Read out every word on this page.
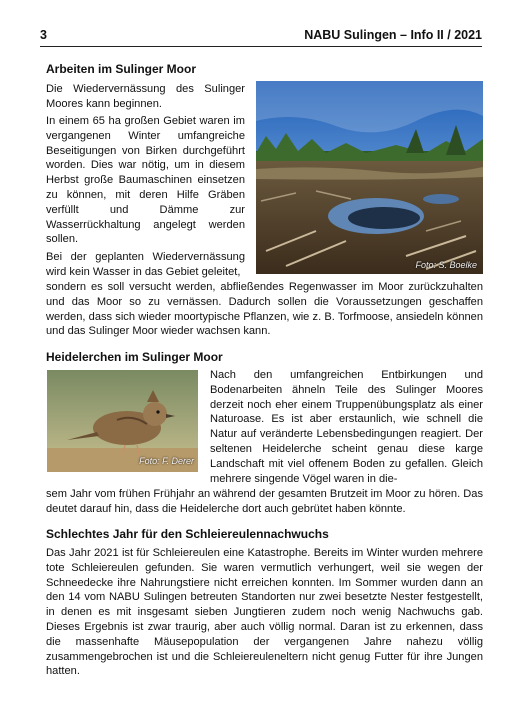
3	NABU Sulingen – Info II / 2021
Arbeiten im Sulinger Moor

Die Wiedervernässung des Sulinger Moores kann beginnen.

In einem 65 ha großen Gebiet waren im vergangenen Winter umfangreiche Beseitigungen von Birken durchgeführt worden. Dies war nötig, um in diesem Herbst große Baumaschinen einsetzen zu können, mit deren Hilfe Gräben verfüllt und Dämme zur Wasserrückhaltung angelegt werden sollen.

Bei der geplanten Wiedervernässung wird kein Wasser in das Gebiet geleitet,

sondern es soll versucht werden, abfließendes Regenwasser im Moor zurückzuhalten und das Moor so zu vernässen. Dadurch sollen die Voraussetzungen geschaffen werden, dass sich wieder moortypische Pflanzen, wie z. B. Torfmoose, ansiedeln können und das Sulinger Moor wieder wachsen kann.

Foto: S. Boelke
Heidelerchen im Sulinger Moor
Foto: F. Derer

Nach den umfangreichen Entbirkungen und Bodenarbeiten ähneln Teile des Sulinger Moores derzeit noch eher einem Truppenübungsplatz als einer Naturoase. Es ist aber erstaunlich, wie schnell die Natur auf veränderte Lebensbedingungen reagiert. Der seltenen Heidelerche scheint genau diese karge Landschaft mit viel offenem Boden zu gefallen. Gleich mehrere singende Vögel waren in die-

sem Jahr vom frühen Frühjahr an während der gesamten Brutzeit im Moor zu hören. Das deutet darauf hin, dass die Heidelerche dort auch gebrütet haben könnte.

Schlechtes Jahr für den Schleiereulennachwuchs

Das Jahr 2021 ist für Schleiereulen eine Katastrophe. Bereits im Winter wurden mehrere tote Schleiereulen gefunden. Sie waren vermutlich verhungert, weil sie wegen der Schneedecke ihre Nahrungstiere nicht erreichen konnten. Im Sommer wurden dann an den 14 vom NABU Sulingen betreuten Standorten nur zwei besetzte Nester festgestellt, in denen es mit insgesamt sieben Jungtieren zudem noch wenig Nachwuchs gab. Dieses Ergebnis ist zwar traurig, aber auch völlig normal. Daran ist zu erkennen, dass die massenhafte Mäusepopulation der vergangenen Jahre nahezu völlig zusammengebrochen ist und die Schleiereuleneltern nicht genug Futter für ihre Jungen hatten.
